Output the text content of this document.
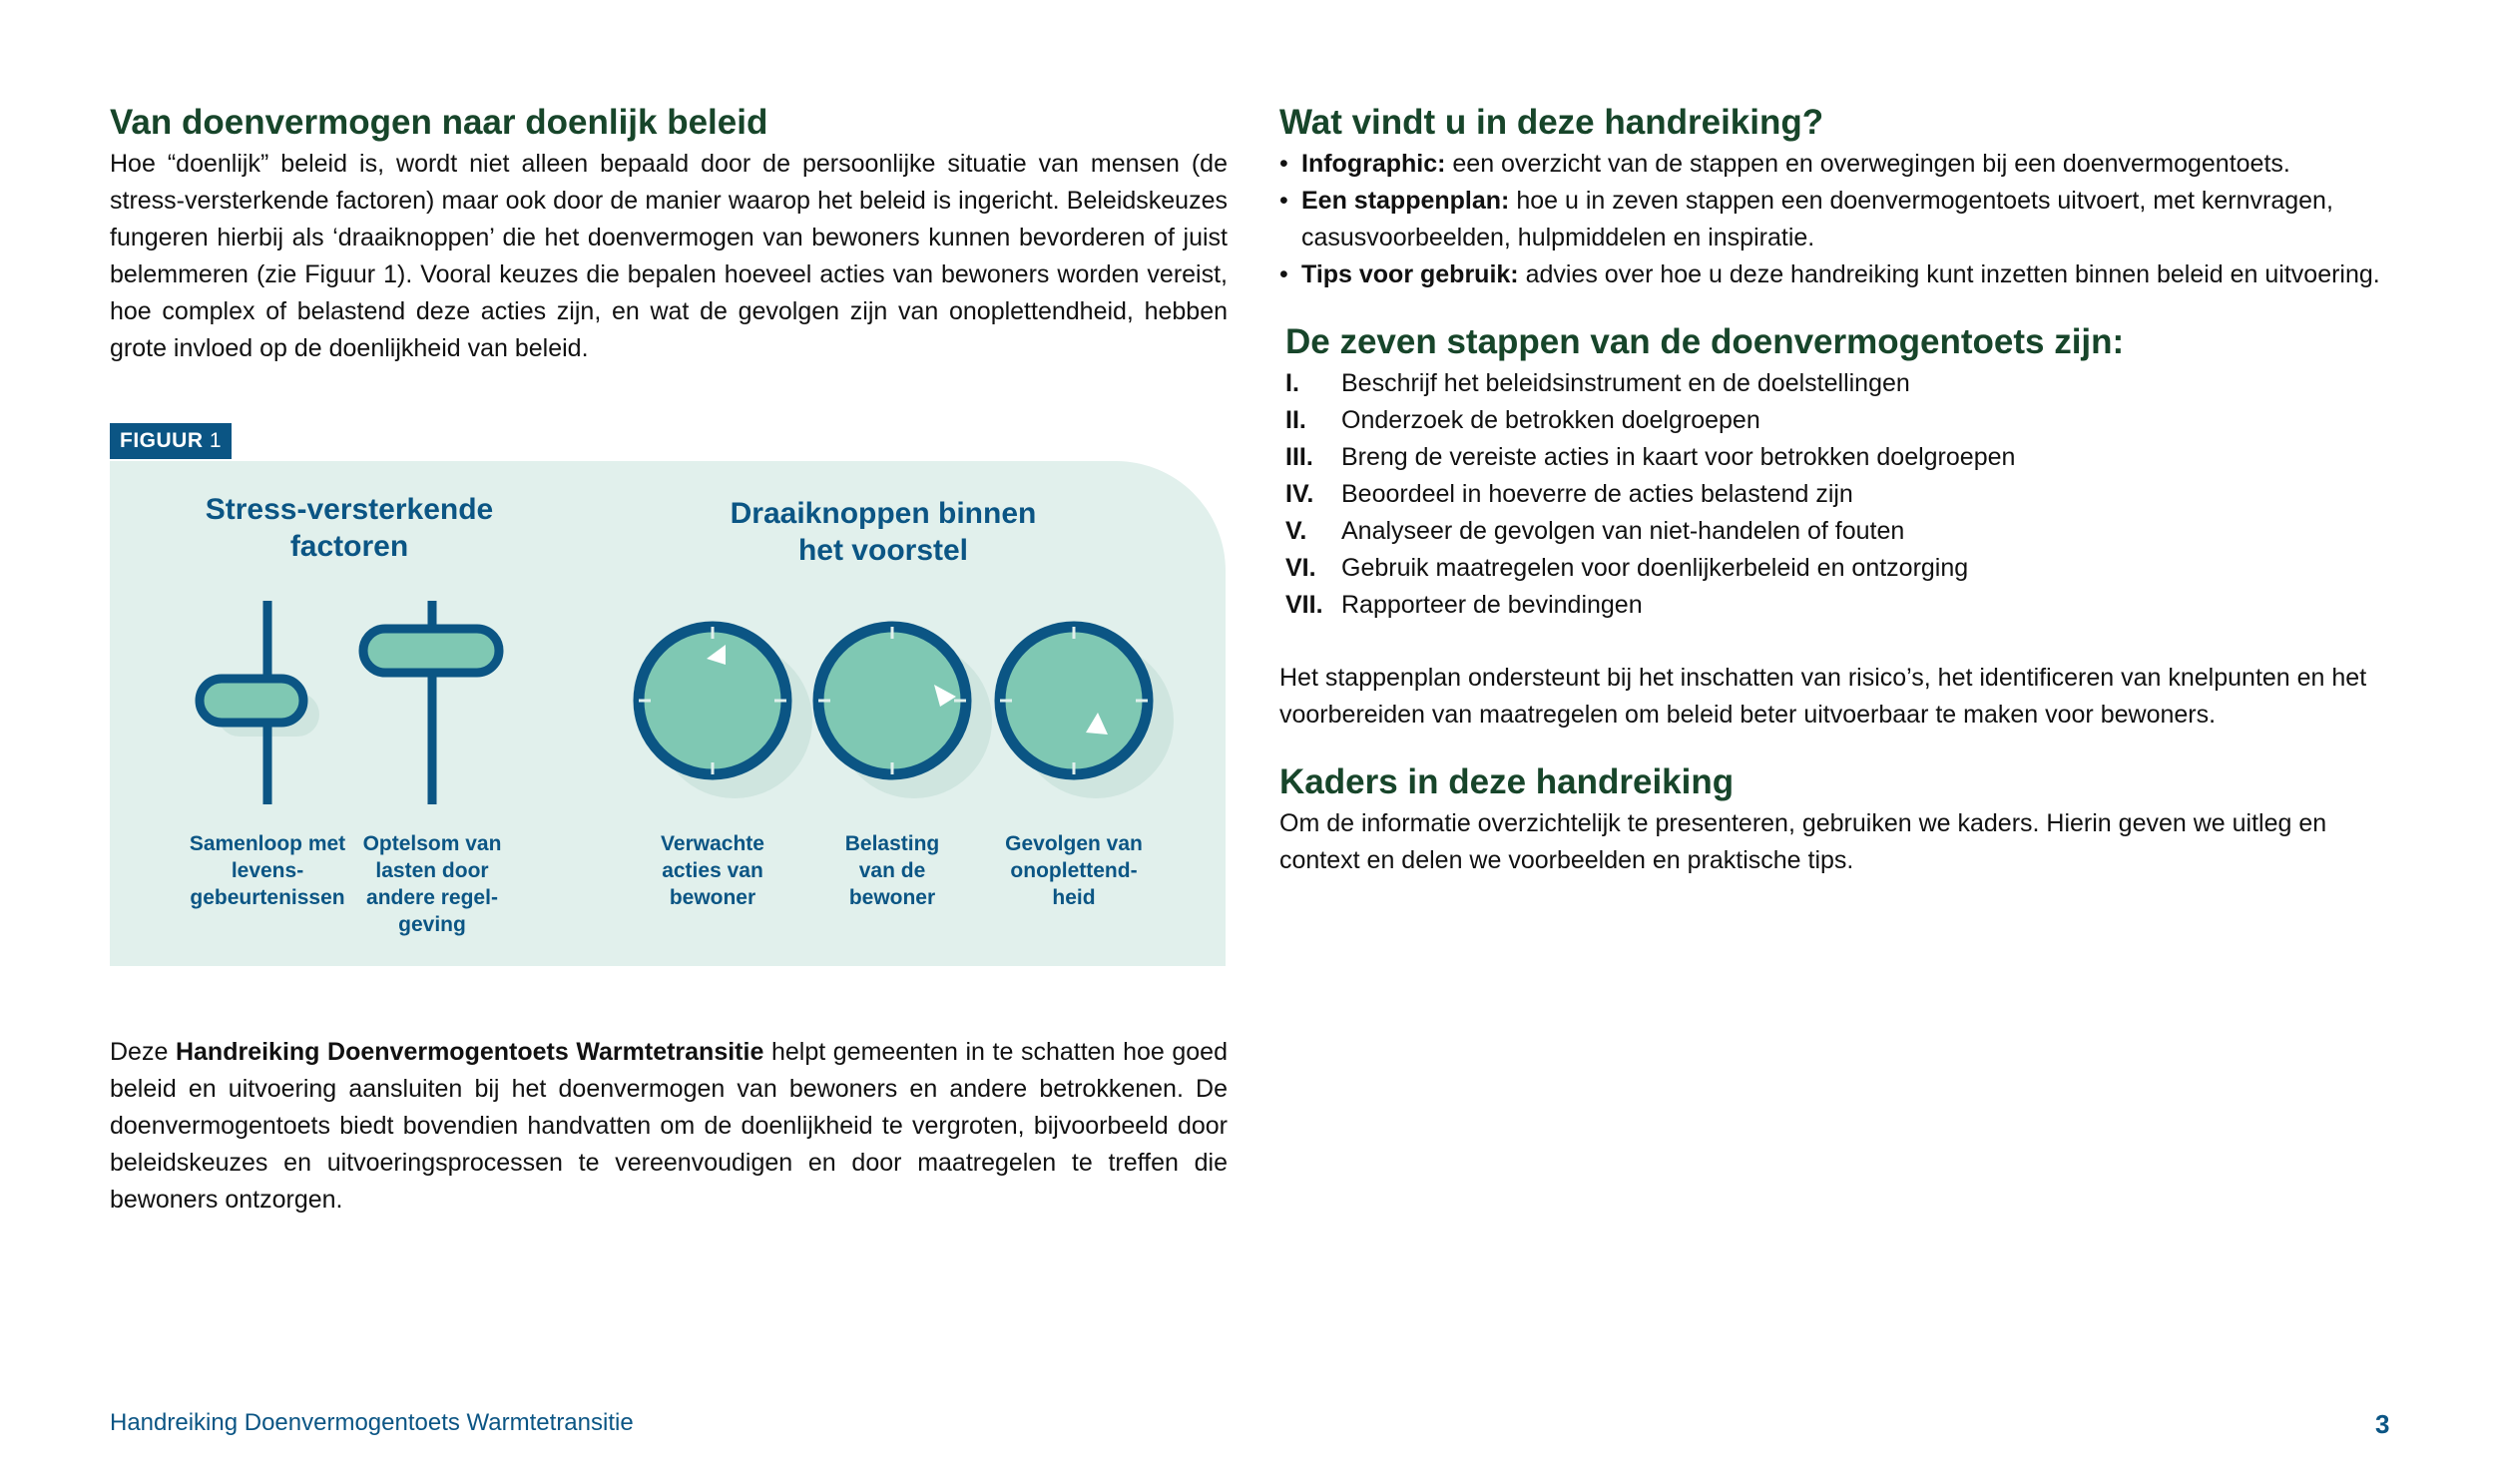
Van doenvermogen naar doenlijk beleid

Hoe “doenlijk” beleid is, wordt niet alleen bepaald door de persoonlijke situatie van mensen (de stress-versterkende factoren) maar ook door de manier waarop het beleid is ingericht. Beleidskeuzes fungeren hierbij als ‘draaiknoppen’ die het doenvermogen van bewoners kunnen bevorderen of juist belemmeren (zie Figuur 1). Vooral keuzes die bepalen hoeveel acties van bewoners worden vereist, hoe complex of belastend deze acties zijn, en wat de gevolgen zijn van onoplettendheid, hebben grote invloed op de doenlijkheid van beleid.

FIGUUR 1

Stress-versterkende factoren

Draaiknoppen binnen het voorstel

Samenloop met levens-gebeurtenissen

Optelsom van lasten door andere regel-geving

Verwachte acties van bewoner

Belasting van de bewoner

Gevolgen van onoplettend-heid

Deze Handreiking Doenvermogentoets Warmtetransitie helpt gemeenten in te schatten hoe goed beleid en uitvoering aansluiten bij het doenvermogen van bewoners en andere betrokkenen. De doenvermogentoets biedt bovendien handvatten om de doenlijkheid te vergroten, bijvoorbeeld door beleidskeuzes en uitvoeringsprocessen te vereenvoudigen en door maatregelen te treffen die bewoners ontzorgen.

Wat vindt u in deze handreiking?
• Infographic: een overzicht van de stappen en overwegingen bij een doenvermogentoets.
• Een stappenplan: hoe u in zeven stappen een doenvermogentoets uitvoert, met kernvragen, casusvoorbeelden, hulpmiddelen en inspiratie.
• Tips voor gebruik: advies over hoe u deze handreiking kunt inzetten binnen beleid en uitvoering.
De zeven stappen van de doenvermogentoets zijn:
I. Beschrijf het beleidsinstrument en de doelstellingen
II. Onderzoek de betrokken doelgroepen
III. Breng de vereiste acties in kaart voor betrokken doelgroepen
IV. Beoordeel in hoeverre de acties belastend zijn
V. Analyseer de gevolgen van niet-handelen of fouten
VI. Gebruik maatregelen voor doenlijkerbeleid en ontzorging
VII. Rapporteer de bevindingen

Het stappenplan ondersteunt bij het inschatten van risico’s, het identificeren van knelpunten en het voorbereiden van maatregelen om beleid beter uitvoerbaar te maken voor bewoners.

Kaders in deze handreiking

Om de informatie overzichtelijk te presenteren, gebruiken we kaders. Hierin geven we uitleg en context en delen we voorbeelden en praktische tips.

Handreiking Doenvermogentoets Warmtetransitie	3
